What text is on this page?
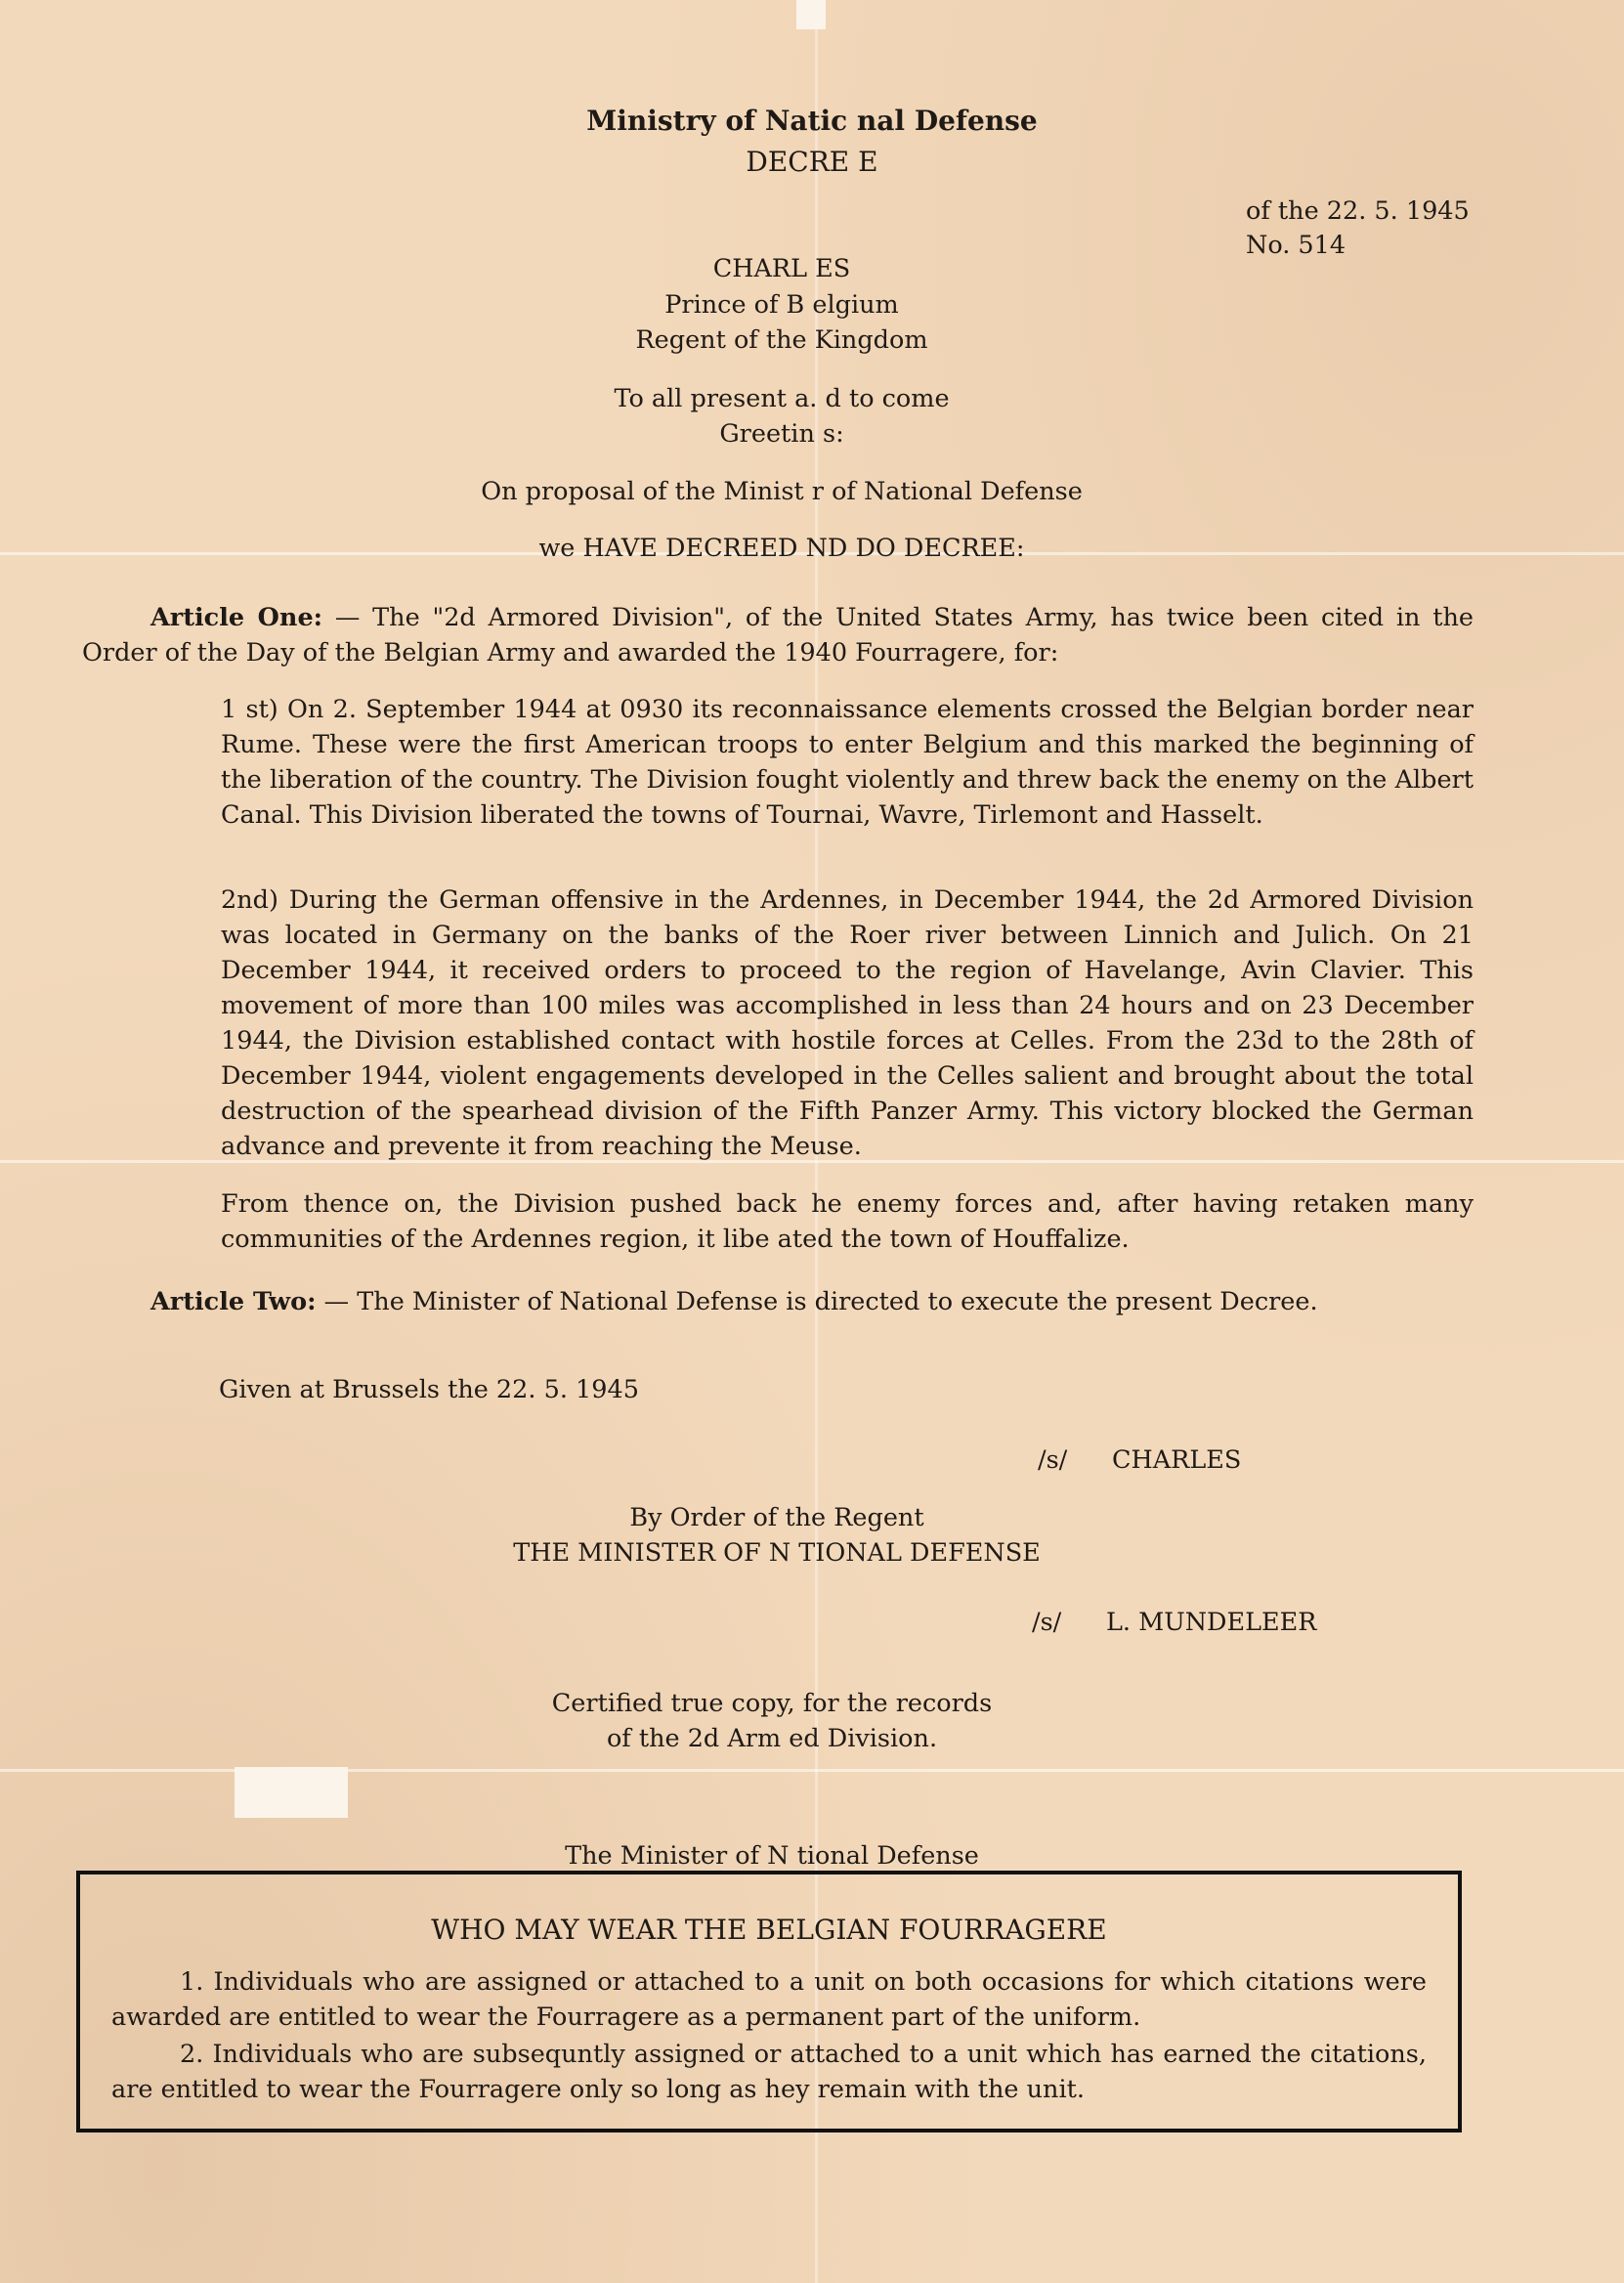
Ministry of Natic nal Defense
DECRE E
of the 22. 5. 1945
No. 514
CHARL ES
Prince of B elgium
Regent of the Kingdom
To all present a. d to come
Greetin s:
On proposal of the Minist r of National Defense
we HAVE DECREED ND DO DECREE:
Article One: — The "2d Armored Division", of the United States Army, has twice been cited in the Order of the Day of the Belgian Army and awarded the 1940 Fourragere, for:
1 st) On 2. September 1944 at 0930 its reconnaissance elements crossed the Belgian border near Rume. These were the first American troops to enter Belgium and this marked the beginning of the liberation of the country. The Division fought violently and threw back the enemy on the Albert Canal. This Division liberated the towns of Tournai, Wavre, Tirlemont and Hasselt.
2nd) During the German offensive in the Ardennes, in December 1944, the 2d Armored Division was located in Germany on the banks of the Roer river between Linnich and Julich. On 21 December 1944, it received orders to proceed to the region of Havelange, Avin Clavier. This movement of more than 100 miles was accomplished in less than 24 hours and on 23 December 1944, the Division established contact with hostile forces at Celles. From the 23d to the 28th of December 1944, violent engagements developed in the Celles salient and brought about the total destruction of the spearhead division of the Fifth Panzer Army. This victory blocked the German advance and prevente it from reaching the Meuse.
From thence on, the Division pushed back he enemy forces and, after having retaken many communities of the Ardennes region, it libe ated the town of Houffalize.
Article Two: — The Minister of National Defense is directed to execute the present Decree.
Given at Brussels the 22. 5. 1945
/s/ CHARLES
By Order of the Regent
THE MINISTER OF N TIONAL DEFENSE
/s/ L. MUNDELEER
Certified true copy, for the records
of the 2d Arm ed Division.
The Minister of N tional Defense
WHO MAY WEAR THE BELGIAN FOURRAGERE
1. Individuals who are assigned or attached to a unit on both occasions for which citations were awarded are entitled to wear the Fourragere as a permanent part of the uniform.
2. Individuals who are subsequntly assigned or attached to a unit which has earned the citations, are entitled to wear the Fourragere only so long as hey remain with the unit.
